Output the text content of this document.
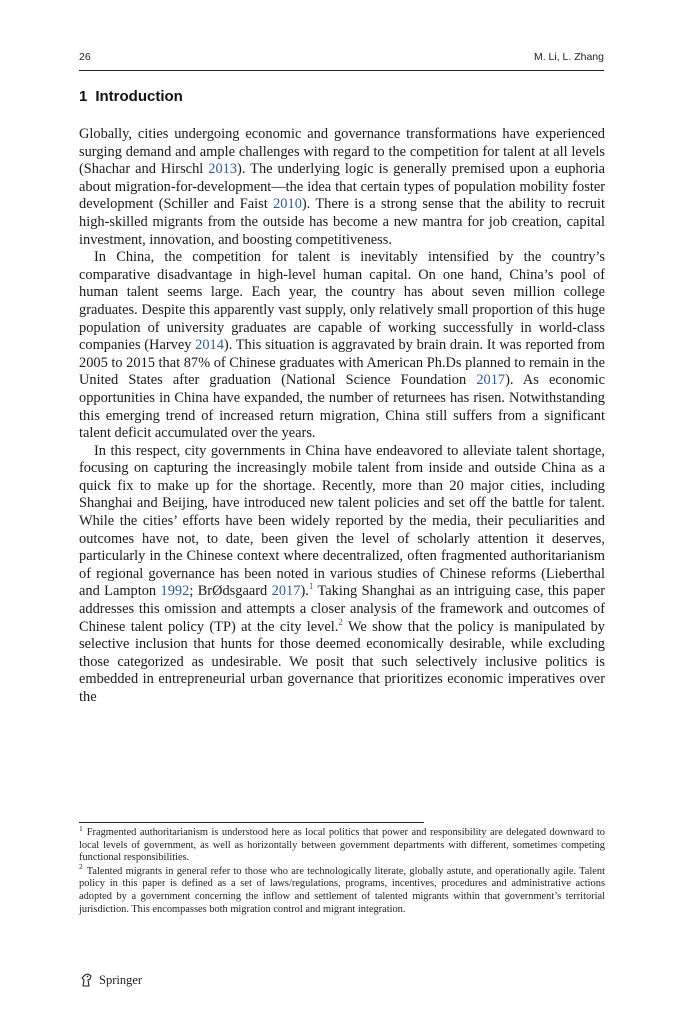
26	M. Li, L. Zhang
1 Introduction

Globally, cities undergoing economic and governance transformations have experienced surging demand and ample challenges with regard to the competition for talent at all levels (Shachar and Hirschl 2013). The underlying logic is generally premised upon a euphoria about migration-for-development—the idea that certain types of population mobility foster development (Schiller and Faist 2010). There is a strong sense that the ability to recruit high-skilled migrants from the outside has become a new mantra for job creation, capital investment, innovation, and boosting competitiveness.

In China, the competition for talent is inevitably intensified by the country’s comparative disadvantage in high-level human capital. On one hand, China’s pool of human talent seems large. Each year, the country has about seven million college graduates. Despite this apparently vast supply, only relatively small proportion of this huge population of university graduates are capable of working successfully in world-class companies (Harvey 2014). This situation is aggravated by brain drain. It was reported from 2005 to 2015 that 87% of Chinese graduates with American Ph.Ds planned to remain in the United States after graduation (National Science Foundation 2017). As economic opportunities in China have expanded, the number of returnees has risen. Notwithstanding this emerging trend of increased return migration, China still suffers from a significant talent deficit accumulated over the years.

In this respect, city governments in China have endeavored to alleviate talent shortage, focusing on capturing the increasingly mobile talent from inside and outside China as a quick fix to make up for the shortage. Recently, more than 20 major cities, including Shanghai and Beijing, have introduced new talent policies and set off the battle for talent. While the cities’ efforts have been widely reported by the media, their peculiarities and outcomes have not, to date, been given the level of scholarly attention it deserves, particularly in the Chinese context where decentralized, often fragmented authoritarianism of regional governance has been noted in various studies of Chinese reforms (Lieberthal and Lampton 1992; BrØdsgaard 2017).$^1$ Taking Shanghai as an intriguing case, this paper addresses this omission and attempts a closer analysis of the framework and outcomes of Chinese talent policy (TP) at the city level.$^2$ We show that the policy is manipulated by selective inclusion that hunts for those deemed economically desirable, while excluding those categorized as undesirable. We posit that such selectively inclusive politics is embedded in entrepreneurial urban governance that prioritizes economic imperatives over the

$^1$ Fragmented authoritarianism is understood here as local politics that power and responsibility are delegated downward to local levels of government, as well as horizontally between government departments with different, sometimes competing functional responsibilities.

$^2$ Talented migrants in general refer to those who are technologically literate, globally astute, and operationally agile. Talent policy in this paper is defined as a set of laws/regulations, programs, incentives, procedures and administrative actions adopted by a government concerning the inflow and settlement of talented migrants within that government’s territorial jurisdiction. This encompasses both migration control and migrant integration.

Springer
